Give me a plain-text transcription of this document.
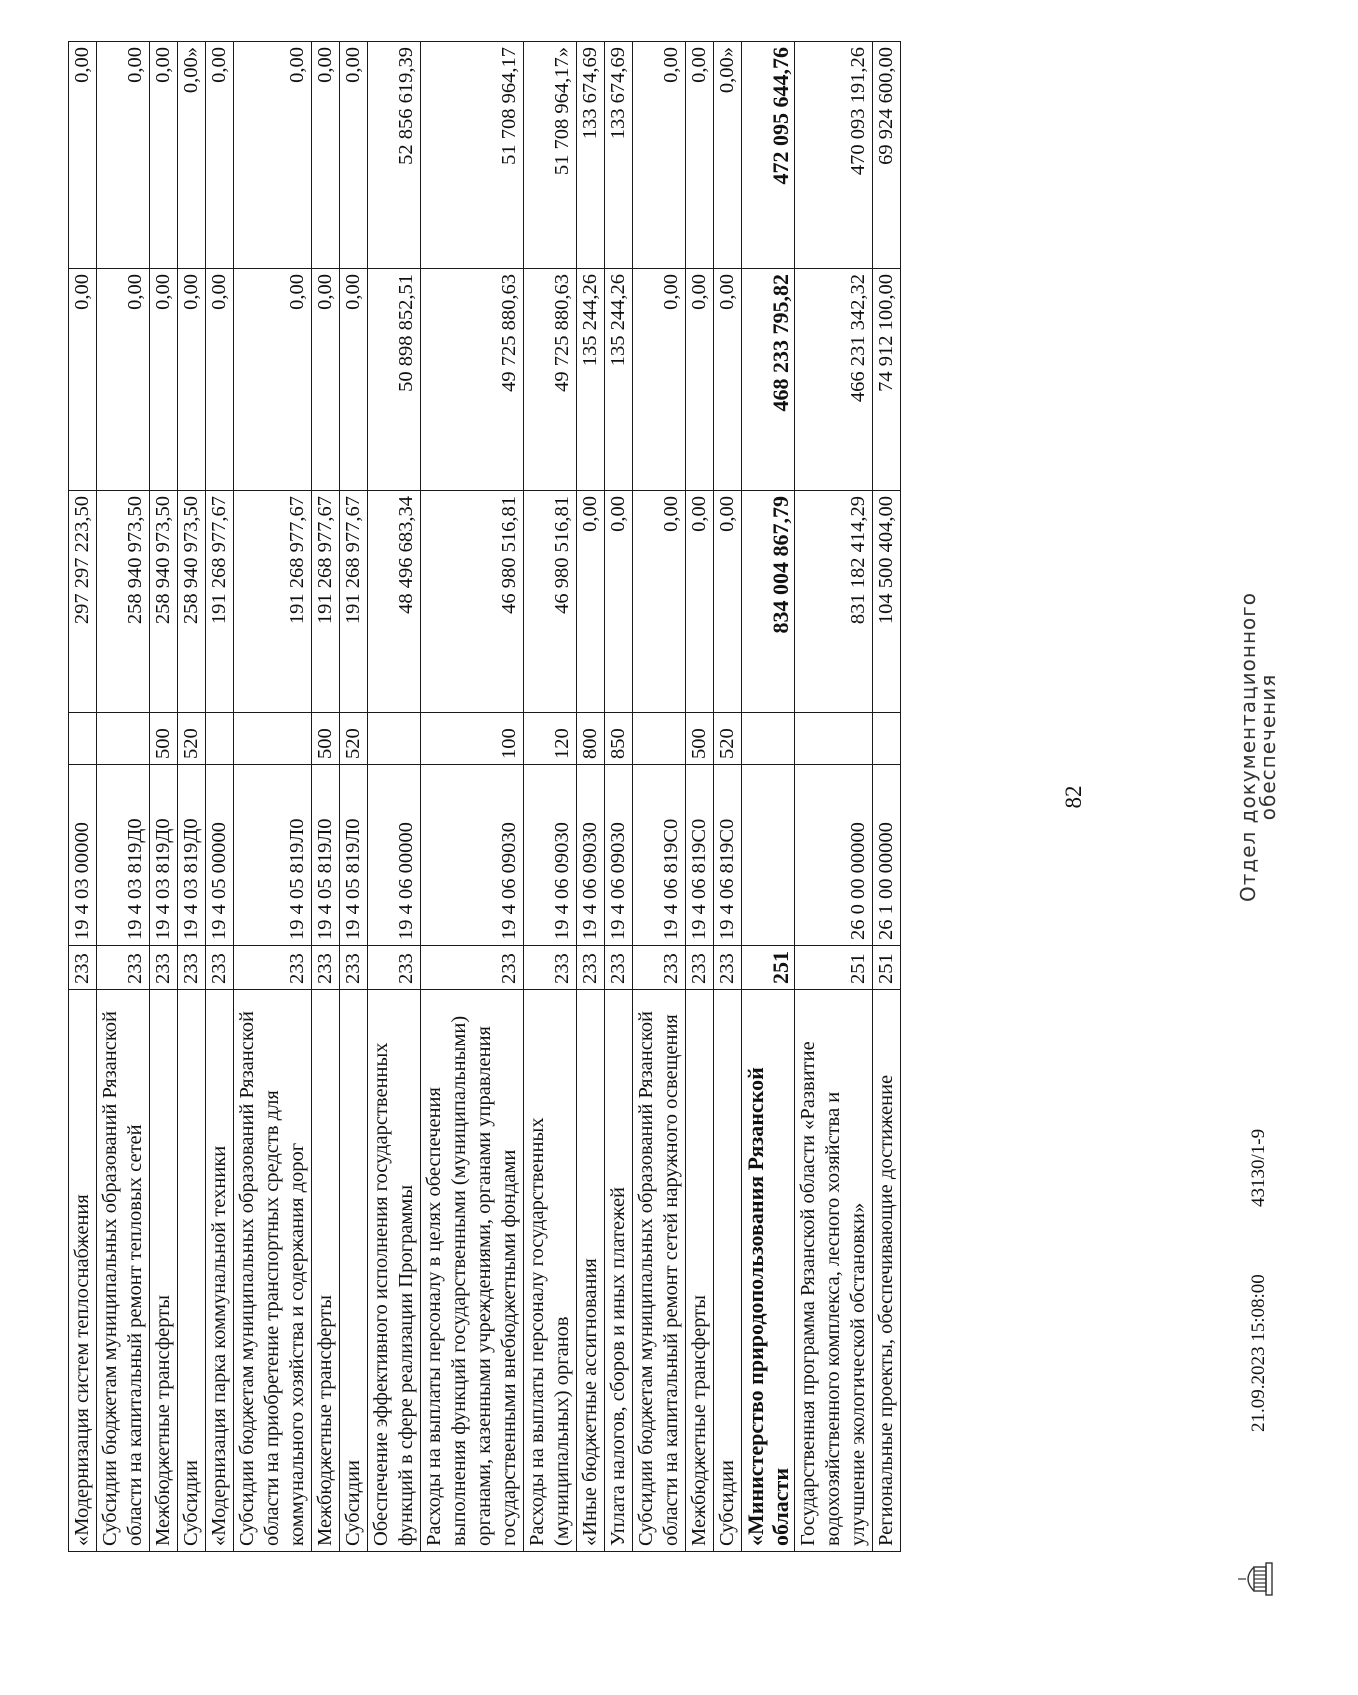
«Модернизация систем теплоснабжения	233	19 4 03 00000		297 297 223,50	0,00	0,00
Субсидии бюджетам муниципальных образований Рязанской области на капитальный ремонт тепловых сетей	233	19 4 03 819Д0		258 940 973,50	0,00	0,00
Межбюджетные трансферты	233	19 4 03 819Д0	500	258 940 973,50	0,00	0,00
Субсидии	233	19 4 03 819Д0	520	258 940 973,50	0,00	0,00»
«Модернизация парка коммунальной техники	233	19 4 05 00000		191 268 977,67	0,00	0,00
Субсидии бюджетам муниципальных образований Рязанской области на приобретение транспортных средств для коммунального хозяйства и содержания дорог	233	19 4 05 819Л0		191 268 977,67	0,00	0,00
Межбюджетные трансферты	233	19 4 05 819Л0	500	191 268 977,67	0,00	0,00
Субсидии	233	19 4 05 819Л0	520	191 268 977,67	0,00	0,00
Обеспечение эффективного исполнения государственных функций в сфере реализации Программы	233	19 4 06 00000		48 496 683,34	50 898 852,51	52 856 619,39
Расходы на выплаты персоналу в целях обеспечения выполнения функций государственными (муниципальными) органами, казенными учреждениями, органами управления государственными внебюджетными фондами	233	19 4 06 09030	100	46 980 516,81	49 725 880,63	51 708 964,17
Расходы на выплаты персоналу государственных (муниципальных) органов	233	19 4 06 09030	120	46 980 516,81	49 725 880,63	51 708 964,17»
«Иные бюджетные ассигнования	233	19 4 06 09030	800	0,00	135 244,26	133 674,69
Уплата налогов, сборов и иных платежей	233	19 4 06 09030	850	0,00	135 244,26	133 674,69
Субсидии бюджетам муниципальных образований Рязанской области на капитальный ремонт сетей наружного освещения	233	19 4 06 819С0		0,00	0,00	0,00
Межбюджетные трансферты	233	19 4 06 819С0	500	0,00	0,00	0,00
Субсидии	233	19 4 06 819С0	520	0,00	0,00	0,00»
«Министерство природопользования Рязанской области	251			834 004 867,79	468 233 795,82	472 095 644,76
Государственная программа Рязанской области «Развитие водохозяйственного комплекса, лесного хозяйства и улучшение экологической обстановки»	251	26 0 00 00000		831 182 414,29	466 231 342,32	470 093 191,26
Региональные проекты, обеспечивающие достижение	251	26 1 00 00000		104 500 404,00	74 912 100,00	69 924 600,00
82
21.09.2023 15:08:00
43130/1-9
Отдел документационного
обеспечения
